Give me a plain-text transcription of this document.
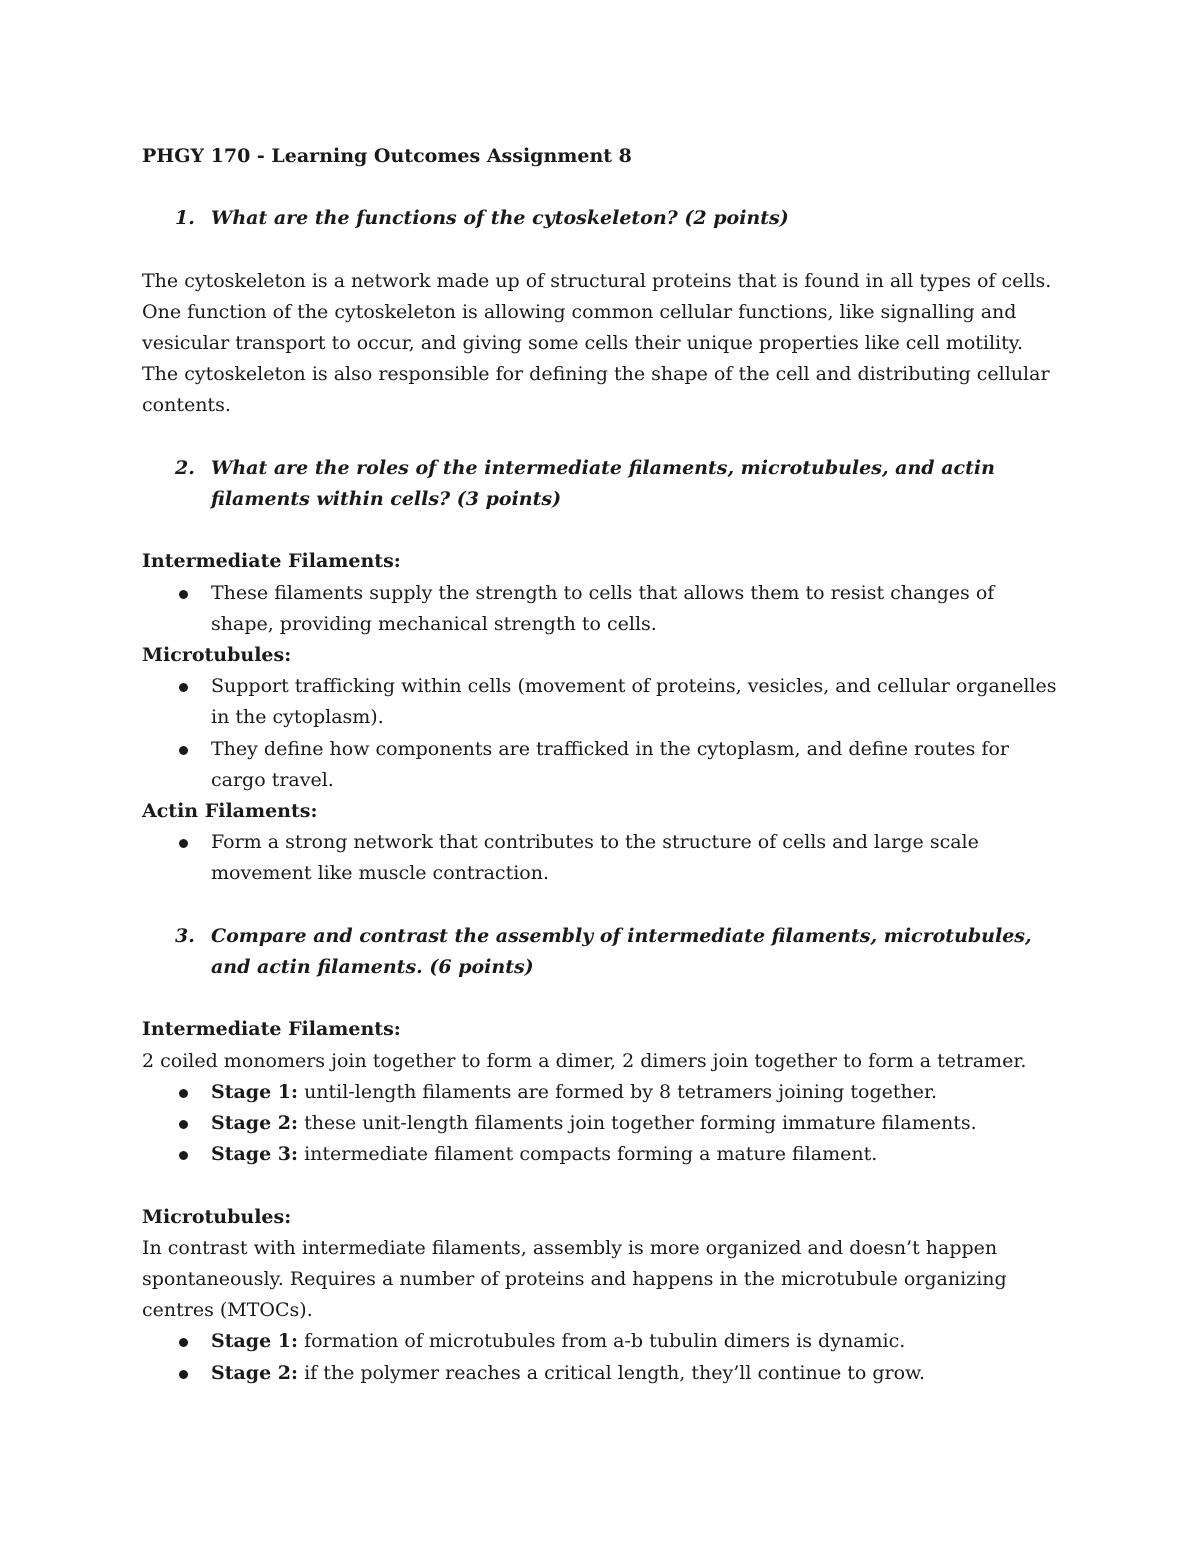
PHGY 170 - Learning Outcomes Assignment 8
1. What are the functions of the cytoskeleton? (2 points)

The cytoskeleton is a network made up of structural proteins that is found in all types of cells. One function of the cytoskeleton is allowing common cellular functions, like signalling and vesicular transport to occur, and giving some cells their unique properties like cell motility. The cytoskeleton is also responsible for defining the shape of the cell and distributing cellular contents.

2. What are the roles of the intermediate filaments, microtubules, and actin filaments within cells? (3 points)
Intermediate Filaments:
These filaments supply the strength to cells that allows them to resist changes of shape, providing mechanical strength to cells.
Microtubules:
Support trafficking within cells (movement of proteins, vesicles, and cellular organelles in the cytoplasm).
They define how components are trafficked in the cytoplasm, and define routes for cargo travel.
Actin Filaments:
Form a strong network that contributes to the structure of cells and large scale movement like muscle contraction.
3. Compare and contrast the assembly of intermediate filaments, microtubules, and actin filaments. (6 points)
Intermediate Filaments:

2 coiled monomers join together to form a dimer, 2 dimers join together to form a tetramer.

Stage 1: until-length filaments are formed by 8 tetramers joining together.
Stage 2: these unit-length filaments join together forming immature filaments.
Stage 3: intermediate filament compacts forming a mature filament.
Microtubules:

In contrast with intermediate filaments, assembly is more organized and doesn’t happen spontaneously. Requires a number of proteins and happens in the microtubule organizing centres (MTOCs).

Stage 1: formation of microtubules from a-b tubulin dimers is dynamic.
Stage 2: if the polymer reaches a critical length, they’ll continue to grow.
